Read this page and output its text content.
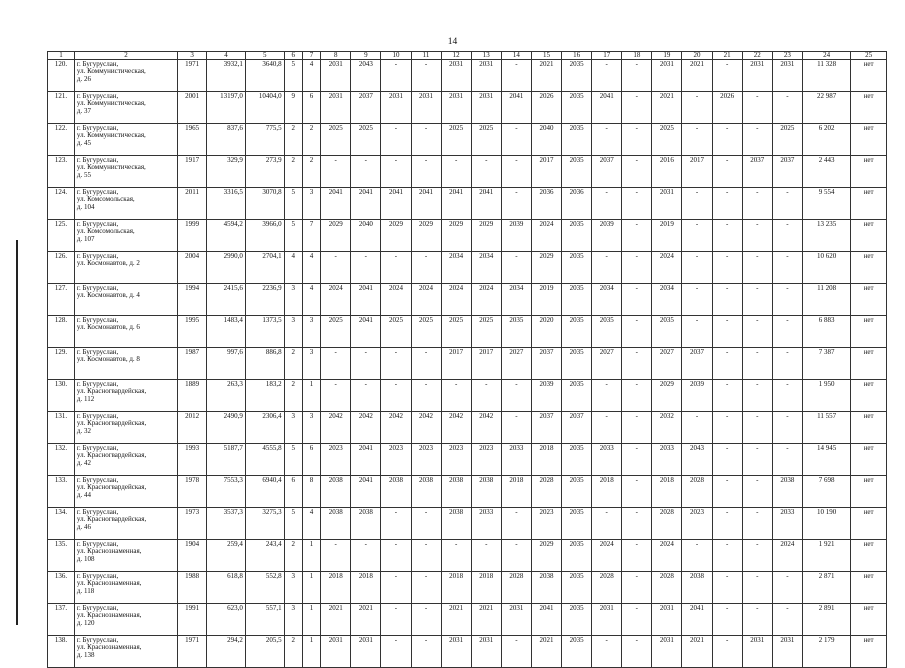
14
1	2	3	4	5	6	7	8	9	10	11	12	13	14	15	16	17	18	19	20	21	22	23	24	25
120.	г. Бугуруслан,
ул. Коммунистическая,
д. 26	1971	3932,1	3640,8	5	4	2031	2043	-	-	2031	2031	-	2021	2035	-	-	2031	2021	-	2031	2031	11 328	нет
121.	г. Бугуруслан,
ул. Коммунистическая,
д. 37	2001	13197,0	10404,0	9	6	2031	2037	2031	2031	2031	2031	2041	2026	2035	2041	-	2021	-	2026	-	-	22 987	нет
122.	г. Бугуруслан,
ул. Коммунистическая,
д. 45	1965	837,6	775,5	2	2	2025	2025	-	-	2025	2025	-	2040	2035	-	-	2025	-	-	-	2025	6 202	нет
123.	г. Бугуруслан,
ул. Коммунистическая,
д. 55	1917	329,9	273,9	2	2	-	-	-	-	-	-	-	2017	2035	2037	-	2016	2017	-	2037	2037	2 443	нет
124.	г. Бугуруслан,
ул. Комсомольская,
д. 104	2011	3316,5	3070,8	5	3	2041	2041	2041	2041	2041	2041	-	2036	2036	-	-	2031	-	-	-	-	9 554	нет
125.	г. Бугуруслан,
ул. Комсомольская,
д. 107	1999	4594,2	3966,0	5	7	2029	2040	2029	2029	2029	2029	2039	2024	2035	2039	-	2019	-	-	-	-	13 235	нет
126.	г. Бугуруслан,
ул. Космонавтов, д. 2	2004	2990,0	2704,1	4	4	-	-	-	-	2034	2034	-	2029	2035	-	-	2024	-	-	-	-	10 620	нет
127.	г. Бугуруслан,
ул. Космонавтов, д. 4	1994	2415,6	2236,9	3	4	2024	2041	2024	2024	2024	2024	2034	2019	2035	2034	-	2034	-	-	-	-	11 208	нет
128.	г. Бугуруслан,
ул. Космонавтов, д. 6	1995	1483,4	1373,5	3	3	2025	2041	2025	2025	2025	2025	2035	2020	2035	2035	-	2035	-	-	-	-	6 883	нет
129.	г. Бугуруслан,
ул. Космонавтов, д. 8	1987	997,6	886,8	2	3	-	-	-	-	2017	2017	2027	2037	2035	2027	-	2027	2037	-	-	-	7 387	нет
130.	г. Бугуруслан,
ул. Красногвардейская,
д. 112	1889	263,3	183,2	2	1	-	-	-	-	-	-	-	2039	2035	-	-	2029	2039	-	-	-	1 950	нет
131.	г. Бугуруслан,
ул. Красногвардейская,
д. 32	2012	2490,9	2306,4	3	3	2042	2042	2042	2042	2042	2042	-	2037	2037	-	-	2032	-	-	-	-	11 557	нет
132.	г. Бугуруслан,
ул. Красногвардейская,
д. 42	1993	5187,7	4555,8	5	6	2023	2041	2023	2023	2023	2023	2033	2018	2035	2033	-	2033	2043	-	-	-	14 945	нет
133.	г. Бугуруслан,
ул. Красногвардейская,
д. 44	1978	7553,3	6940,4	6	8	2038	2041	2038	2038	2038	2038	2018	2028	2035	2018	-	2018	2028	-	-	2038	7 698	нет
134.	г. Бугуруслан,
ул. Красногвардейская,
д. 46	1973	3537,3	3275,3	5	4	2038	2038	-	-	2038	2033	-	2023	2035	-	-	2028	2023	-	-	2033	10 190	нет
135.	г. Бугуруслан,
ул. Краснознаменная,
д. 108	1904	259,4	243,4	2	1	-	-	-	-	-	-	-	2029	2035	2024	-	2024	-	-	-	2024	1 921	нет
136.	г. Бугуруслан,
ул. Краснознаменная,
д. 118	1988	618,8	552,8	3	1	2018	2018	-	-	2018	2018	2028	2038	2035	2028	-	2028	2038	-	-	-	2 871	нет
137.	г. Бугуруслан,
ул. Краснознаменная,
д. 120	1991	623,0	557,1	3	1	2021	2021	-	-	2021	2021	2031	2041	2035	2031	-	2031	2041	-	-	-	2 891	нет
138.	г. Бугуруслан,
ул. Краснознаменная,
д. 138	1971	294,2	205,5	2	1	2031	2031	-	-	2031	2031	-	2021	2035	-	-	2031	2021	-	2031	2031	2 179	нет
